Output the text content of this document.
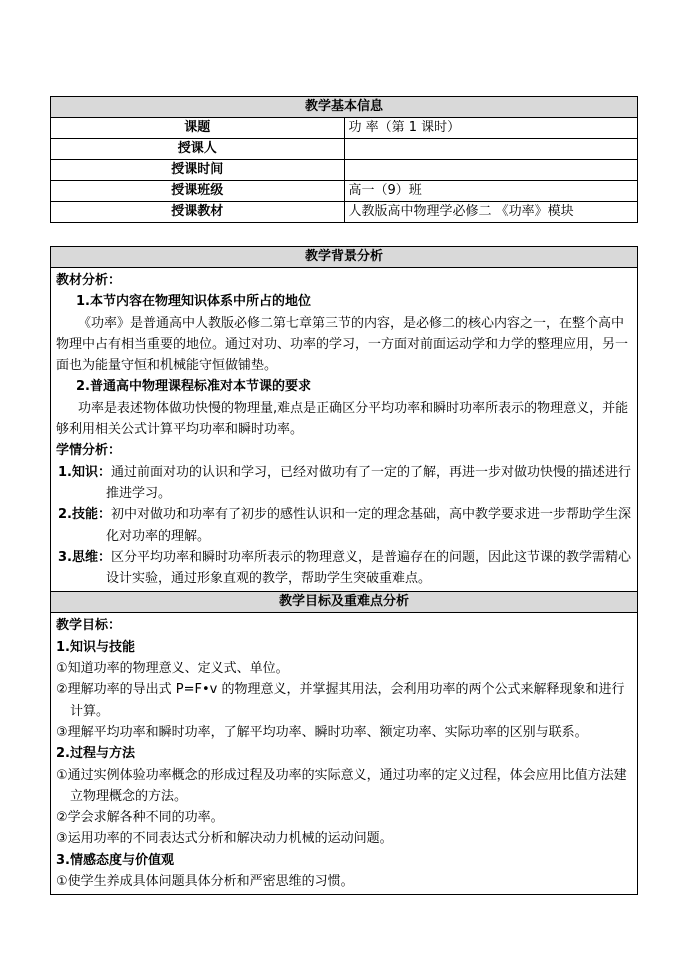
教学基本信息	
课题	功 率（第 1 课时）
授课人	
授课时间	
授课班级	高一（9）班
授课教材	人教版高中物理学必修二 《功率》模块
教学背景分析

教材分析：

1.本节内容在物理知识体系中所占的地位

《功率》是普通高中人教版必修二第七章第三节的内容，是必修二的核心内容之一，在整个高中物理中占有相当重要的地位。通过对功、功率的学习，一方面对前面运动学和力学的整理应用，另一面也为能量守恒和机械能守恒做铺垫。

2.普通高中物理课程标准对本节课的要求

功率是表述物体做功快慢的物理量,难点是正确区分平均功率和瞬时功率所表示的物理意义，并能够利用相关公式计算平均功率和瞬时功率。

学情分析：

1.知识：通过前面对功的认识和学习，已经对做功有了一定的了解，再进一步对做功快慢的描述进行推进学习。

2.技能：初中对做功和功率有了初步的感性认识和一定的理念基础，高中教学要求进一步帮助学生深化对功率的理解。

3.思维：区分平均功率和瞬时功率所表示的物理意义，是普遍存在的问题，因此这节课的教学需精心设计实验，通过形象直观的教学，帮助学生突破重难点。

教学目标及重难点分析

教学目标：

1.知识与技能

①知道功率的物理意义、定义式、单位。

②理解功率的导出式 P=F•v 的物理意义，并掌握其用法，会利用功率的两个公式来解释现象和进行计算。

③理解平均功率和瞬时功率，了解平均功率、瞬时功率、额定功率、实际功率的区别与联系。

2.过程与方法

①通过实例体验功率概念的形成过程及功率的实际意义，通过功率的定义过程，体会应用比值方法建立物理概念的方法。

②学会求解各种不同的功率。

③运用功率的不同表达式分析和解决动力机械的运动问题。

3.情感态度与价值观

①使学生养成具体问题具体分析和严密思维的习惯。
